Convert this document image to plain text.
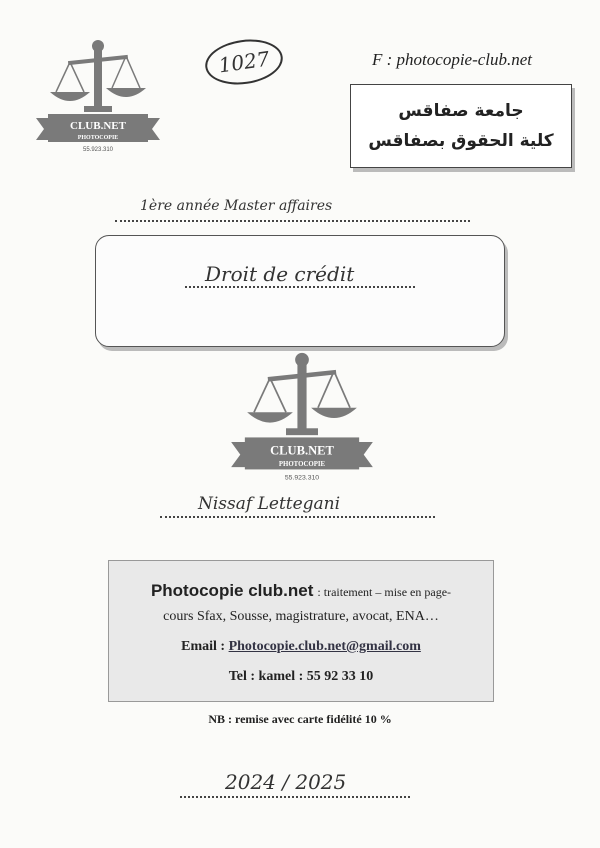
1027	F : photocopie-club.net
جامعة صفاقس
كلية الحقوق بصفاقس
CLUB.NET
PHOTOCOPIE
55.923.310
1ère année Master affaires
Droit de crédit
CLUB.NET
PHOTOCOPIE
55.923.310
Nissaf Lettegani
Photocopie club.net : traitement – mise en page-
cours Sfax, Sousse, magistrature, avocat, ENA…
Email : Photocopie.club.net@gmail.com
Tel : kamel : 55 92 33 10
NB : remise avec carte fidélité 10 %
2024 / 2025
